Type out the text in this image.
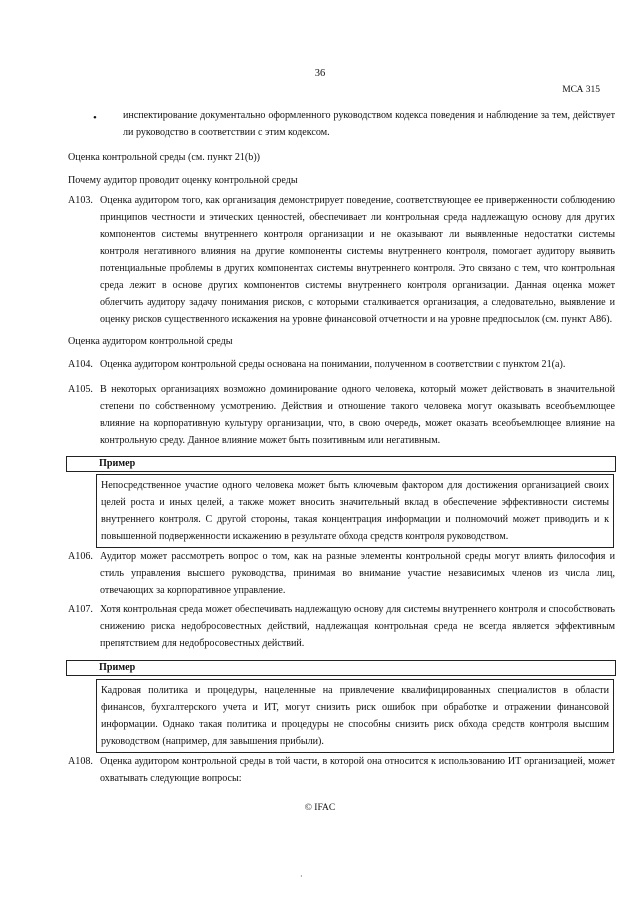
36
МСА 315
•	инспектирование документально оформленного руководством кодекса поведения и наблюдение за тем, действует ли руководство в соответствии с этим кодексом.
Оценка контрольной среды (см. пункт 21(b))
Почему аудитор проводит оценку контрольной среды
A103. Оценка аудитором того, как организация демонстрирует поведение, соответствующее ее приверженности соблюдению принципов честности и этических ценностей, обеспечивает ли контрольная среда надлежащую основу для других компонентов системы внутреннего контроля организации и не оказывают ли выявленные недостатки системы контроля негативного влияния на другие компоненты системы внутреннего контроля, помогает аудитору выявить потенциальные проблемы в других компонентах системы внутреннего контроля. Это связано с тем, что контрольная среда лежит в основе других компонентов системы внутреннего контроля организации. Данная оценка может облегчить аудитору задачу понимания рисков, с которыми сталкивается организация, а следовательно, выявление и оценку рисков существенного искажения на уровне финансовой отчетности и на уровне предпосылок (см. пункт A86).
Оценка аудитором контрольной среды
A104. Оценка аудитором контрольной среды основана на понимании, полученном в соответствии с пунктом 21(a).
A105. В некоторых организациях возможно доминирование одного человека, который может действовать в значительной степени по собственному усмотрению. Действия и отношение такого человека могут оказывать всеобъемлющее влияние на корпоративную культуру организации, что, в свою очередь, может оказать всеобъемлющее влияние на контрольную среду. Данное влияние может быть позитивным или негативным.
Пример
Непосредственное участие одного человека может быть ключевым фактором для достижения организацией своих целей роста и иных целей, а также может вносить значительный вклад в обеспечение эффективности системы внутреннего контроля. С другой стороны, такая концентрация информации и полномочий может приводить и к повышенной подверженности искажению в результате обхода средств контроля руководством.
A106. Аудитор может рассмотреть вопрос о том, как на разные элементы контрольной среды могут влиять философия и стиль управления высшего руководства, принимая во внимание участие независимых членов из числа лиц, отвечающих за корпоративное управление.
A107. Хотя контрольная среда может обеспечивать надлежащую основу для системы внутреннего контроля и способствовать снижению риска недобросовестных действий, надлежащая контрольная среда не всегда является эффективным препятствием для недобросовестных действий.
Пример
Кадровая политика и процедуры, нацеленные на привлечение квалифицированных специалистов в области финансов, бухгалтерского учета и ИТ, могут снизить риск ошибок при обработке и отражении финансовой информации. Однако такая политика и процедуры не способны снизить риск обхода средств контроля высшим руководством (например, для завышения прибыли).
A108. Оценка аудитором контрольной среды в той части, в которой она относится к использованию ИТ организацией, может охватывать следующие вопросы:
© IFAC
·
